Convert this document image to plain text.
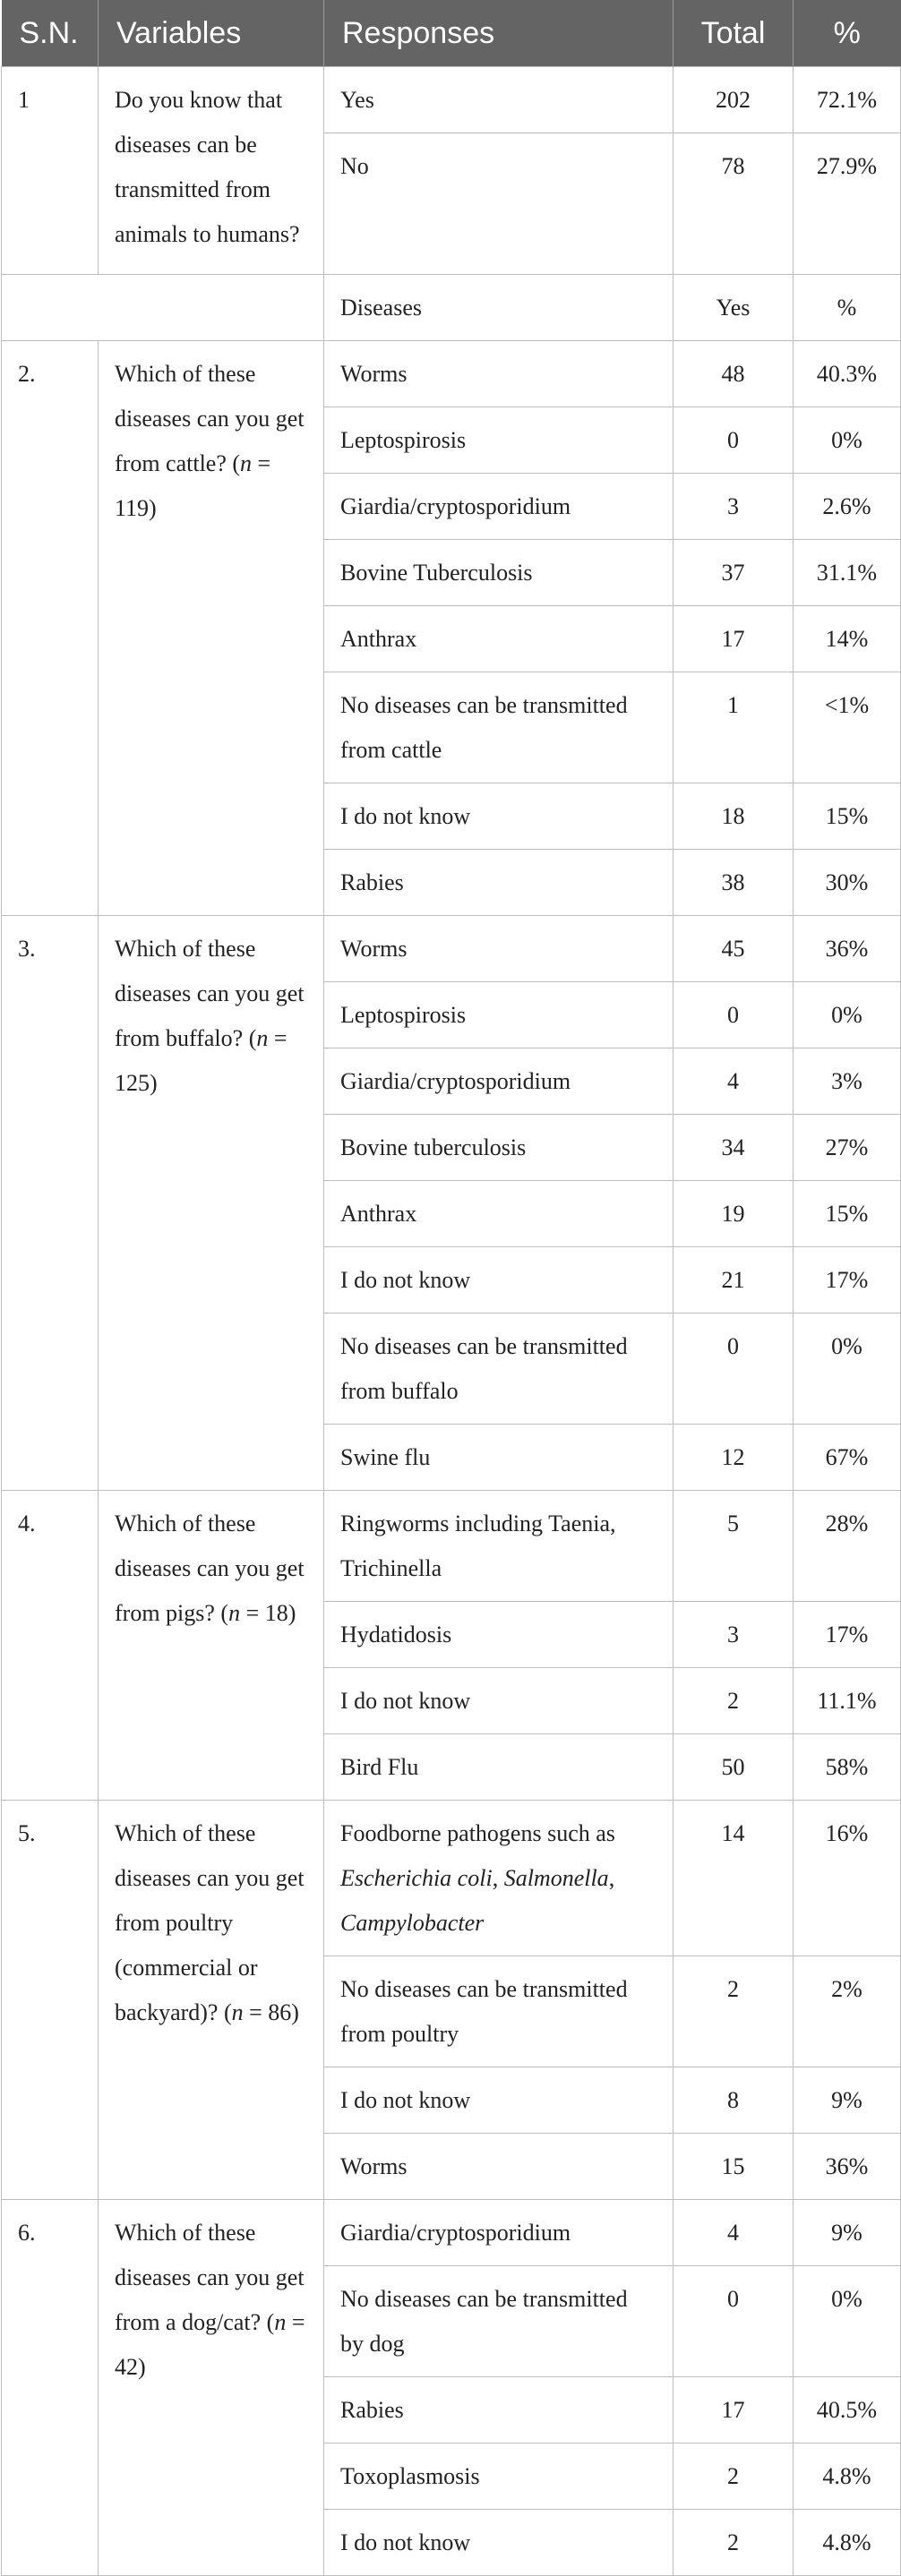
S.N.	Variables	Responses	Total	%
1	Do you know that diseases can be transmitted from animals to humans?	Yes	202	72.1%
		No	78	27.9%
		Diseases	Yes	%
2.	Which of these diseases can you get from cattle? (n = 119)	Worms	48	40.3%
		Leptospirosis	0	0%
		Giardia/cryptosporidium	3	2.6%
		Bovine Tuberculosis	37	31.1%
		Anthrax	17	14%
		No diseases can be transmitted from cattle	1	<1%
		I do not know	18	15%
		Rabies	38	30%
3.	Which of these diseases can you get from buffalo? (n = 125)	Worms	45	36%
		Leptospirosis	0	0%
		Giardia/cryptosporidium	4	3%
		Bovine tuberculosis	34	27%
		Anthrax	19	15%
		I do not know	21	17%
		No diseases can be transmitted from buffalo	0	0%
		Swine flu	12	67%
4.	Which of these diseases can you get from pigs? (n = 18)	Ringworms including Taenia, Trichinella	5	28%
		Hydatidosis	3	17%
		I do not know	2	11.1%
		Bird Flu	50	58%
5.	Which of these diseases can you get from poultry (commercial or backyard)? (n = 86)	Foodborne pathogens such as Escherichia coli, Salmonella, Campylobacter	14	16%
		No diseases can be transmitted from poultry	2	2%
		I do not know	8	9%
		Worms	15	36%
6.	Which of these diseases can you get from a dog/cat? (n = 42)	Giardia/cryptosporidium	4	9%
		No diseases can be transmitted by dog	0	0%
		Rabies	17	40.5%
		Toxoplasmosis	2	4.8%
		I do not know	2	4.8%
